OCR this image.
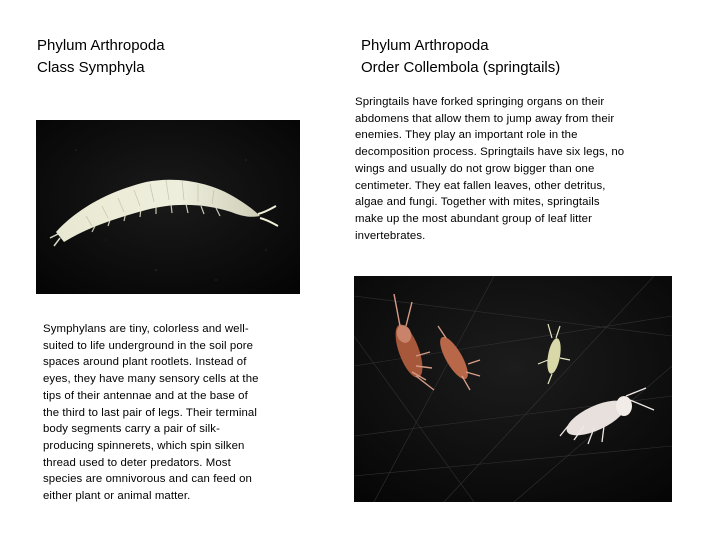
Phylum Arthropoda
Class Symphyla
Phylum Arthropoda
Order Collembola (springtails)
Symphylans are tiny, colorless and well-
suited to life underground in the soil pore
spaces around plant rootlets. Instead of
eyes, they have many sensory cells at the
tips of their antennae and at the base of
the third to last pair of legs. Their terminal
body segments carry a pair of silk-
producing spinnerets, which spin silken
thread used to deter predators. Most
species are omnivorous and can feed on
either plant or animal matter.
Springtails have forked springing organs on their
abdomens that allow them to jump away from their
enemies. They play an important role in the
decomposition process. Springtails have six legs, no
wings and usually do not grow bigger than one
centimeter. They eat fallen leaves, other detritus,
algae and fungi. Together with mites, springtails
make up the most abundant group of leaf litter
invertebrates.
